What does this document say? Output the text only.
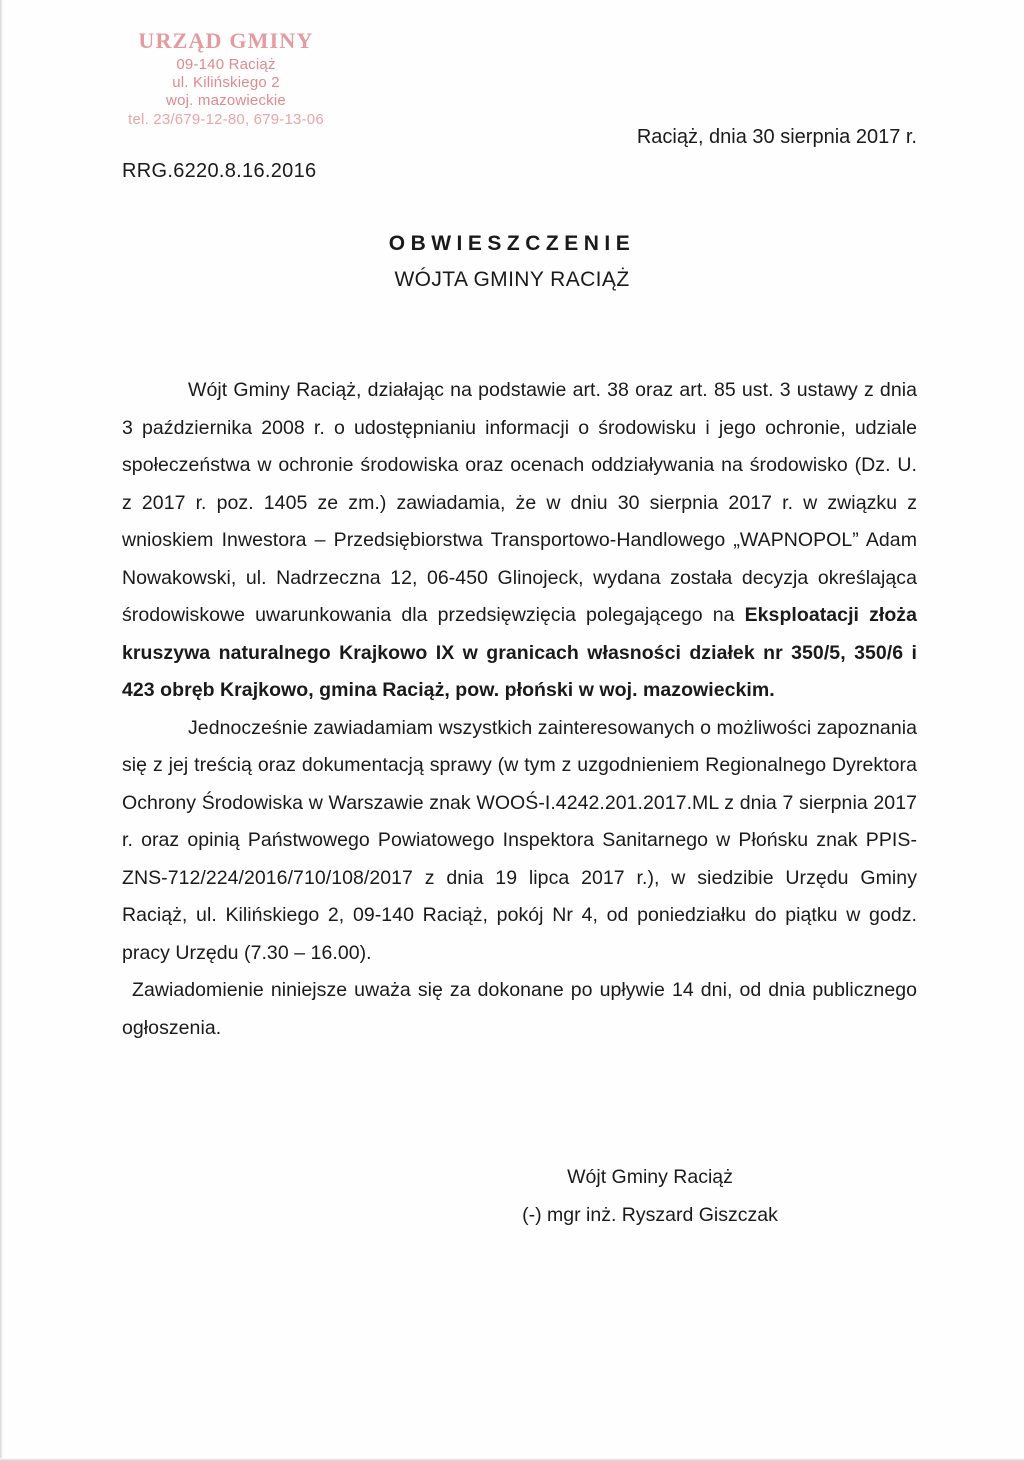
URZĄD GMINY
09-140 Raciąż
ul. Kilińskiego 2
woj. mazowieckie
tel. 23/679-12-80, 679-13-06
Raciąż, dnia 30 sierpnia 2017 r.
RRG.6220.8.16.2016
OBWIESZCZENIE
WÓJTA GMINY RACIĄŻ

Wójt Gminy Raciąż, działając na podstawie art. 38 oraz art. 85 ust. 3 ustawy z dnia 3 października 2008 r. o udostępnianiu informacji o środowisku i jego ochronie, udziale społeczeństwa w ochronie środowiska oraz ocenach oddziaływania na środowisko (Dz. U. z 2017 r. poz. 1405 ze zm.) zawiadamia, że w dniu 30 sierpnia 2017 r. w związku z wnioskiem Inwestora – Przedsiębiorstwa Transportowo-Handlowego „WAPNOPOL” Adam Nowakowski, ul. Nadrzeczna 12, 06-450 Glinojeck, wydana została decyzja określająca środowiskowe uwarunkowania dla przedsięwzięcia polegającego na Eksploatacji złoża kruszywa naturalnego Krajkowo IX w granicach własności działek nr 350/5, 350/6 i 423 obręb Krajkowo, gmina Raciąż, pow. płoński w woj. mazowieckim.

Jednocześnie zawiadamiam wszystkich zainteresowanych o możliwości zapoznania się z jej treścią oraz dokumentacją sprawy (w tym z uzgodnieniem Regionalnego Dyrektora Ochrony Środowiska w Warszawie znak WOOŚ-I.4242.201.2017.ML z dnia 7 sierpnia 2017 r. oraz opinią Państwowego Powiatowego Inspektora Sanitarnego w Płońsku znak PPIS-ZNS-712/224/2016/710/108/2017 z dnia 19 lipca 2017 r.), w siedzibie Urzędu Gminy Raciąż, ul. Kilińskiego 2, 09-140 Raciąż, pokój Nr 4, od poniedziałku do piątku w godz. pracy Urzędu (7.30 – 16.00).

Zawiadomienie niniejsze uważa się za dokonane po upływie 14 dni, od dnia publicznego ogłoszenia.

Wójt Gminy Raciąż
(-) mgr inż. Ryszard Giszczak
